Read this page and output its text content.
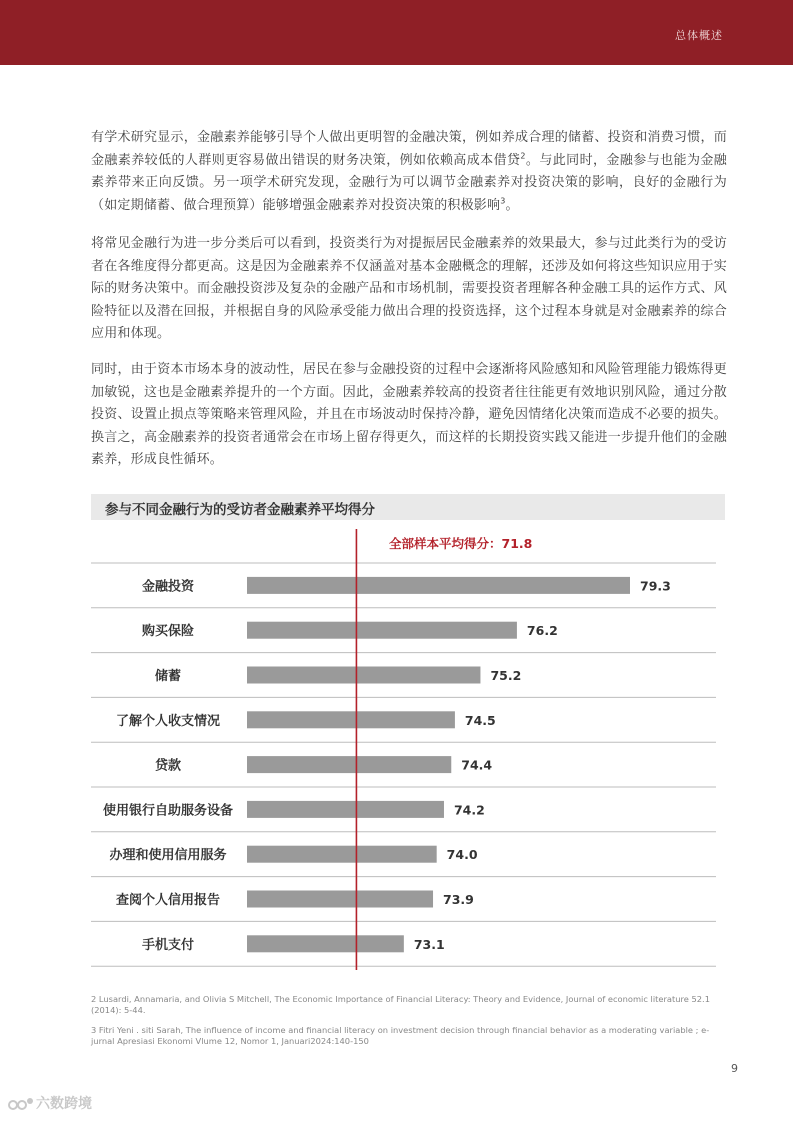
总体概述
有学术研究显示，金融素养能够引导个人做出更明智的金融决策，例如养成合理的储蓄、投资和消费习惯，而金融素养较低的人群则更容易做出错误的财务决策，例如依赖高成本借贷$^2$。与此同时，金融参与也能为金融素养带来正向反馈。另一项学术研究发现，金融行为可以调节金融素养对投资决策的影响，良好的金融行为（如定期储蓄、做合理预算）能够增强金融素养对投资决策的积极影响$^3$。
将常见金融行为进一步分类后可以看到，投资类行为对提振居民金融素养的效果最大，参与过此类行为的受访者在各维度得分都更高。这是因为金融素养不仅涵盖对基本金融概念的理解，还涉及如何将这些知识应用于实际的财务决策中。而金融投资涉及复杂的金融产品和市场机制，需要投资者理解各种金融工具的运作方式、风险特征以及潜在回报，并根据自身的风险承受能力做出合理的投资选择，这个过程本身就是对金融素养的综合应用和体现。
同时，由于资本市场本身的波动性，居民在参与金融投资的过程中会逐渐将风险感知和风险管理能力锻炼得更加敏锐，这也是金融素养提升的一个方面。因此，金融素养较高的投资者往往能更有效地识别风险，通过分散投资、设置止损点等策略来管理风险，并且在市场波动时保持冷静，避免因情绪化决策而造成不必要的损失。换言之，高金融素养的投资者通常会在市场上留存得更久，而这样的长期投资实践又能进一步提升他们的金融素养，形成良性循环。
参与不同金融行为的受访者金融素养平均得分
全部样本平均得分：71.8
金融投资	79.3
购买保险	76.2
储蓄	75.2
了解个人收支情况	74.5
贷款	74.4
使用银行自助服务设备	74.2
办理和使用信用服务	74.0
查阅个人信用报告	73.9
手机支付	73.1
2 Lusardi, Annamaria, and Olivia S Mitchell, The Economic Importance of Financial Literacy: Theory and Evidence, Journal of economic literature 52.1 (2014): 5-44.
3 Fitri Yeni . siti Sarah, The influence of income and financial literacy on investment decision through financial behavior as a moderating variable ; e-jurnal Apresiasi Ekonomi Vlume 12, Nomor 1, Januari2024:140-150
9
六数跨境
